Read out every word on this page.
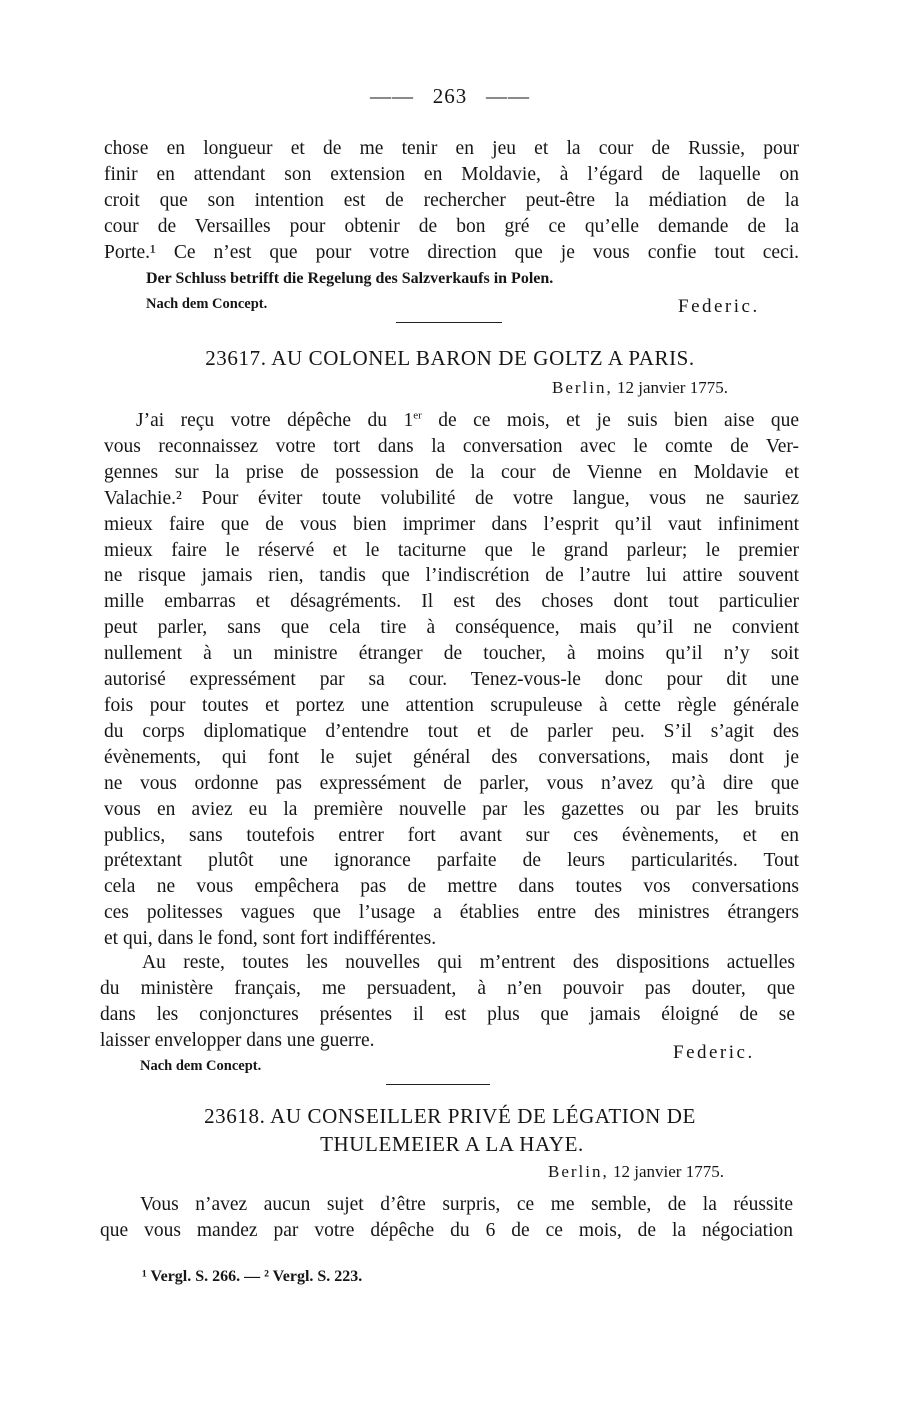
—— 263 ——
chose en longueur et de me tenir en jeu et la cour de Russie, pour
finir en attendant son extension en Moldavie, à l’égard de laquelle on
croit que son intention est de rechercher peut-être la médiation de la
cour de Versailles pour obtenir de bon gré ce qu’elle demande de la
Porte.¹ Ce n’est que pour votre direction que je vous confie tout ceci.
Der Schluss betrifft die Regelung des Salzverkaufs in Polen.
Nach dem Concept.	Federic.
23617. AU COLONEL BARON DE GOLTZ A PARIS.
Berlin, 12 janvier 1775.
J’ai reçu votre dépêche du 1er de ce mois, et je suis bien aise que
vous reconnaissez votre tort dans la conversation avec le comte de Ver-
gennes sur la prise de possession de la cour de Vienne en Moldavie et
Valachie.² Pour éviter toute volubilité de votre langue, vous ne sauriez
mieux faire que de vous bien imprimer dans l’esprit qu’il vaut infiniment
mieux faire le réservé et le taciturne que le grand parleur; le premier
ne risque jamais rien, tandis que l’indiscrétion de l’autre lui attire souvent
mille embarras et désagréments. Il est des choses dont tout particulier
peut parler, sans que cela tire à conséquence, mais qu’il ne convient
nullement à un ministre étranger de toucher, à moins qu’il n’y soit
autorisé expressément par sa cour. Tenez-vous-le donc pour dit une
fois pour toutes et portez une attention scrupuleuse à cette règle générale
du corps diplomatique d’entendre tout et de parler peu. S’il s’agit des
évènements, qui font le sujet général des conversations, mais dont je
ne vous ordonne pas expressément de parler, vous n’avez qu’à dire que
vous en aviez eu la première nouvelle par les gazettes ou par les bruits
publics, sans toutefois entrer fort avant sur ces évènements, et en
prétextant plutôt une ignorance parfaite de leurs particularités. Tout
cela ne vous empêchera pas de mettre dans toutes vos conversations
ces politesses vagues que l’usage a établies entre des ministres étrangers
et qui, dans le fond, sont fort indifférentes.
Au reste, toutes les nouvelles qui m’entrent des dispositions actuelles
du ministère français, me persuadent, à n’en pouvoir pas douter, que
dans les conjonctures présentes il est plus que jamais éloigné de se
laisser envelopper dans une guerre.
Federic.
Nach dem Concept.
23618. AU CONSEILLER PRIVÉ DE LÉGATION DE
THULEMEIER A LA HAYE.
Berlin, 12 janvier 1775.
Vous n’avez aucun sujet d’être surpris, ce me semble, de la réussite
que vous mandez par votre dépêche du 6 de ce mois, de la négociation
¹ Vergl. S. 266. — ² Vergl. S. 223.
